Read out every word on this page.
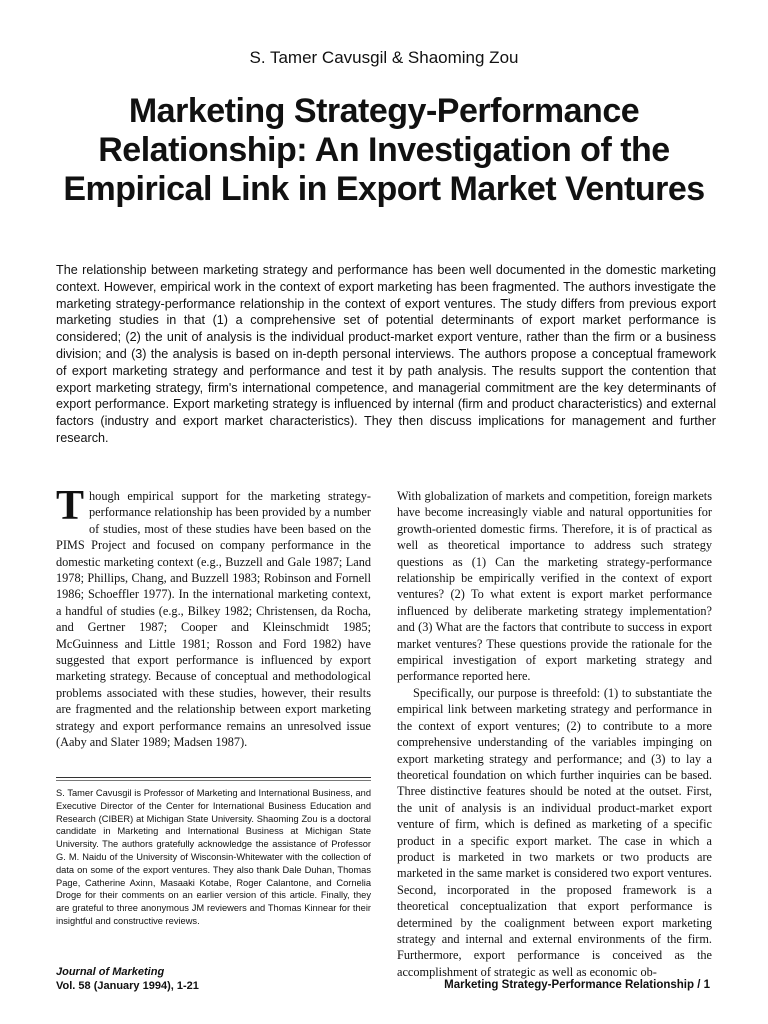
S. Tamer Cavusgil & Shaoming Zou
Marketing Strategy-Performance Relationship: An Investigation of the Empirical Link in Export Market Ventures
The relationship between marketing strategy and performance has been well documented in the domestic marketing context. However, empirical work in the context of export marketing has been fragmented. The authors investigate the marketing strategy-performance relationship in the context of export ventures. The study differs from previous export marketing studies in that (1) a comprehensive set of potential determinants of export market performance is considered; (2) the unit of analysis is the individual product-market export venture, rather than the firm or a business division; and (3) the analysis is based on in-depth personal interviews. The authors propose a conceptual framework of export marketing strategy and performance and test it by path analysis. The results support the contention that export marketing strategy, firm's international competence, and managerial commitment are the key determinants of export performance. Export marketing strategy is influenced by internal (firm and product characteristics) and external factors (industry and export market characteristics). They then discuss implications for management and further research.

Though empirical support for the marketing strategy-performance relationship has been provided by a number of studies, most of these studies have been based on the PIMS Project and focused on company performance in the domestic marketing context (e.g., Buzzell and Gale 1987; Land 1978; Phillips, Chang, and Buzzell 1983; Robinson and Fornell 1986; Schoeffler 1977). In the international marketing context, a handful of studies (e.g., Bilkey 1982; Christensen, da Rocha, and Gertner 1987; Cooper and Kleinschmidt 1985; McGuinness and Little 1981; Rosson and Ford 1982) have suggested that export performance is influenced by export marketing strategy. Because of conceptual and methodological problems associated with these studies, however, their results are fragmented and the relationship between export marketing strategy and export performance remains an unresolved issue (Aaby and Slater 1989; Madsen 1987).

S. Tamer Cavusgil is Professor of Marketing and International Business, and Executive Director of the Center for International Business Education and Research (CIBER) at Michigan State University. Shaoming Zou is a doctoral candidate in Marketing and International Business at Michigan State University. The authors gratefully acknowledge the assistance of Professor G. M. Naidu of the University of Wisconsin-Whitewater with the collection of data on some of the export ventures. They also thank Dale Duhan, Thomas Page, Catherine Axinn, Masaaki Kotabe, Roger Calantone, and Cornelia Droge for their comments on an earlier version of this article. Finally, they are grateful to three anonymous JM reviewers and Thomas Kinnear for their insightful and constructive reviews.

With globalization of markets and competition, foreign markets have become increasingly viable and natural opportunities for growth-oriented domestic firms. Therefore, it is of practical as well as theoretical importance to address such strategy questions as (1) Can the marketing strategy-performance relationship be empirically verified in the context of export ventures? (2) To what extent is export market performance influenced by deliberate marketing strategy implementation? and (3) What are the factors that contribute to success in export market ventures? These questions provide the rationale for the empirical investigation of export marketing strategy and performance reported here.

Specifically, our purpose is threefold: (1) to substantiate the empirical link between marketing strategy and performance in the context of export ventures; (2) to contribute to a more comprehensive understanding of the variables impinging on export marketing strategy and performance; and (3) to lay a theoretical foundation on which further inquiries can be based. Three distinctive features should be noted at the outset. First, the unit of analysis is an individual product-market export venture of firm, which is defined as marketing of a specific product in a specific export market. The case in which a product is marketed in two markets or two products are marketed in the same market is considered two export ventures. Second, incorporated in the proposed framework is a theoretical conceptualization that export performance is determined by the coalignment between export marketing strategy and internal and external environments of the firm. Furthermore, export performance is conceived as the accomplishment of strategic as well as economic ob-

Journal of Marketing
Vol. 58 (January 1994), 1-21	Marketing Strategy-Performance Relationship / 1
